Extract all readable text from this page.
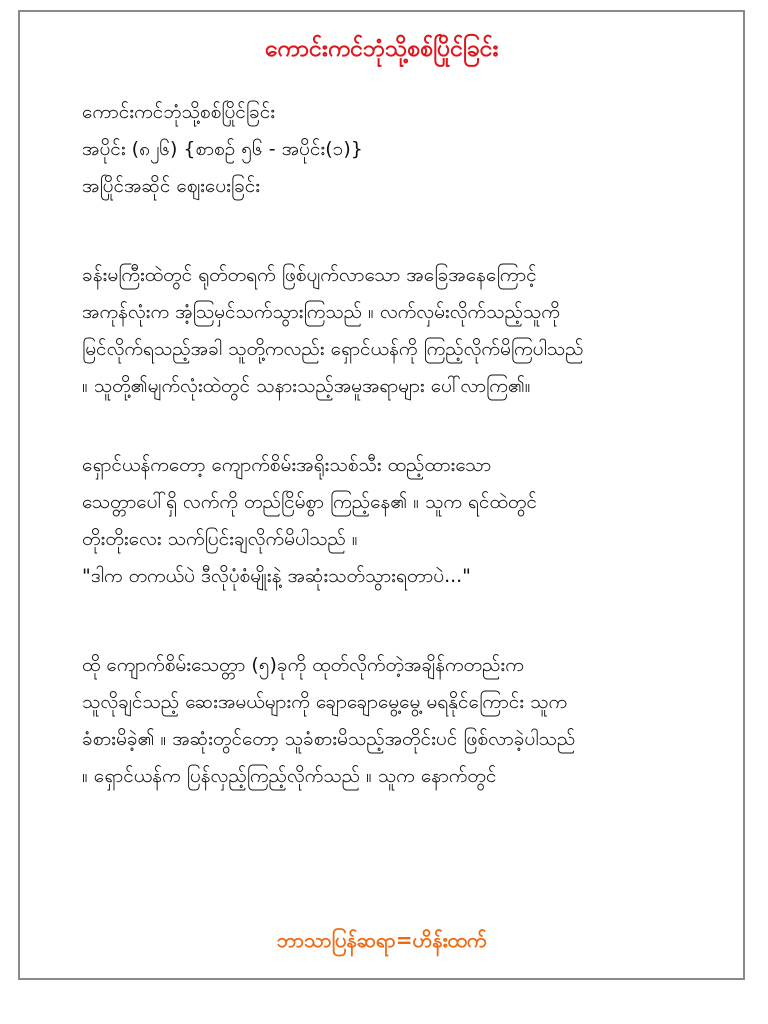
ကောင်းကင်ဘုံသို့စစ်ပြိုင်ခြင်း
ကောင်းကင်ဘုံသို့စစ်ပြိုင်ခြင်း
အပိုင်း (၈၂၆) {စာစဉ် ၅၆ - အပိုင်း(၁)}
အပြိုင်အဆိုင် ဈေးပေးခြင်း
ခန်းမကြီးထဲတွင် ရုတ်တရက် ဖြစ်ပျက်လာသော အခြေအနေကြောင့်
အကုန်လုံးက အံ့ဩမှင်သက်သွားကြသည် ။ လက်လှမ်းလိုက်သည့်သူကို
မြင်လိုက်ရသည့်အခါ သူတို့ကလည်း ရှောင်ယန်ကို ကြည့်လိုက်မိကြပါသည်
။ သူတို့၏မျက်လုံးထဲတွင် သနားသည့်အမူအရာများ ပေါ်လာကြ၏။
ရှောင်ယန်ကတော့ ကျောက်စိမ်းအရိုးသစ်သီး ထည့်ထားသော
သေတ္တာပေါ်ရှိ လက်ကို တည်ငြိမ်စွာ ကြည့်နေ၏ ။ သူက ရင်ထဲတွင်
တိုးတိုးလေး သက်ပြင်းချလိုက်မိပါသည် ။
"ဒါက တကယ်ပဲ ဒီလိုပုံစံမျိုးနဲ့ အဆုံးသတ်သွားရတာပဲ..."
ထို ကျောက်စိမ်းသေတ္တာ (၅)ခုကို ထုတ်လိုက်တဲ့အချိန်ကတည်းက
သူလိုချင်သည့် ဆေးအမယ်များကို ချောချောမွေ့မွေ့ မရနိုင်ကြောင်း သူက
ခံစားမိခဲ့၏ ။ အဆုံးတွင်တော့ သူခံစားမိသည့်အတိုင်းပင် ဖြစ်လာခဲ့ပါသည်
။ ရှောင်ယန်က ပြန်လှည့်ကြည့်လိုက်သည် ။ သူက နောက်တွင်
ဘာသာပြန်ဆရာ=ဟိန်းထက်
